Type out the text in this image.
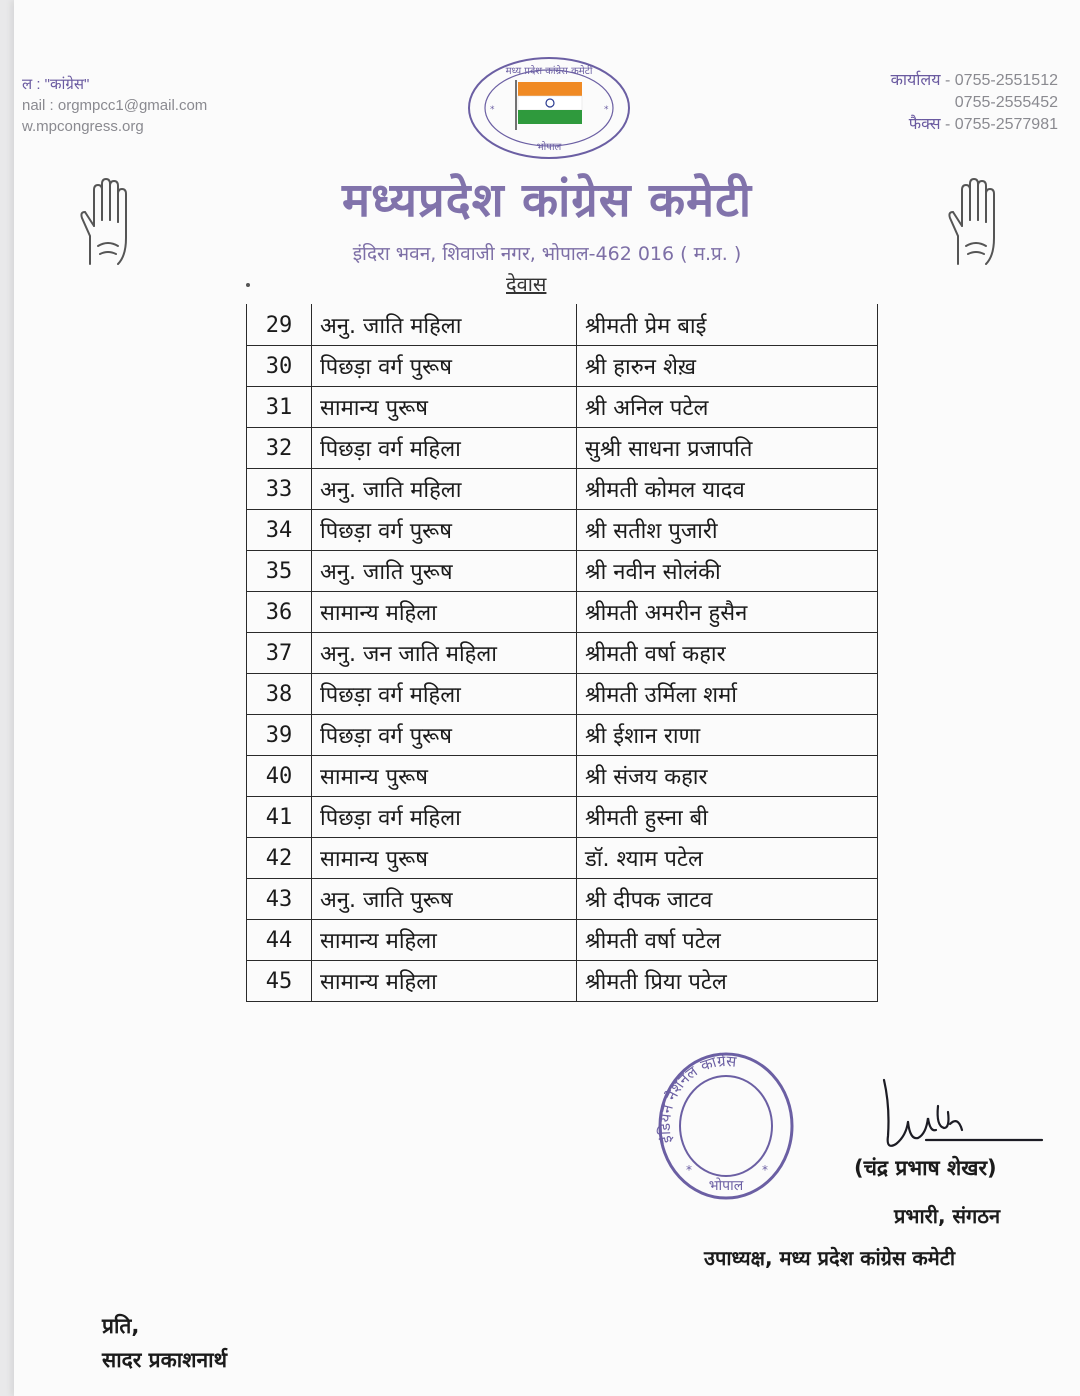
ल : "कांग्रेस"
nail : orgmpcc1@gmail.com
w.mpcongress.org
कार्यालय - 0755-2551512
0755-2555452
फैक्स - 0755-2577981
मध्य प्रदेश कांग्रेस कमेटी
भोपाल
*	*
मध्यप्रदेश कांग्रेस कमेटी
इंदिरा भवन, शिवाजी नगर, भोपाल-462 016 ( म.प्र. )
देवास
29	अनु. जाति महिला	श्रीमती प्रेम बाई
30	पिछड़ा वर्ग पुरूष	श्री हारुन शेख़
31	सामान्य पुरूष	श्री अनिल पटेल
32	पिछड़ा वर्ग महिला	सुश्री साधना प्रजापति
33	अनु. जाति महिला	श्रीमती कोमल यादव
34	पिछड़ा वर्ग पुरूष	श्री सतीश पुजारी
35	अनु. जाति पुरूष	श्री नवीन सोलंकी
36	सामान्य महिला	श्रीमती अमरीन हुसैन
37	अनु. जन जाति महिला	श्रीमती वर्षा कहार
38	पिछड़ा वर्ग महिला	श्रीमती उर्मिला शर्मा
39	पिछड़ा वर्ग पुरूष	श्री ईशान राणा
40	सामान्य पुरूष	श्री संजय कहार
41	पिछड़ा वर्ग महिला	श्रीमती हुस्ना बी
42	सामान्य पुरूष	डॉ. श्याम पटेल
43	अनु. जाति पुरूष	श्री दीपक जाटव
44	सामान्य महिला	श्रीमती वर्षा पटेल
45	सामान्य महिला	श्रीमती प्रिया पटेल
इंडियन नेशनल कांग्रेस
भोपाल
*	*	(चंद्र प्रभाष शेखर)
प्रभारी, संगठन
उपाध्यक्ष, मध्य प्रदेश कांग्रेस कमेटी
प्रति,
सादर प्रकाशनार्थ
